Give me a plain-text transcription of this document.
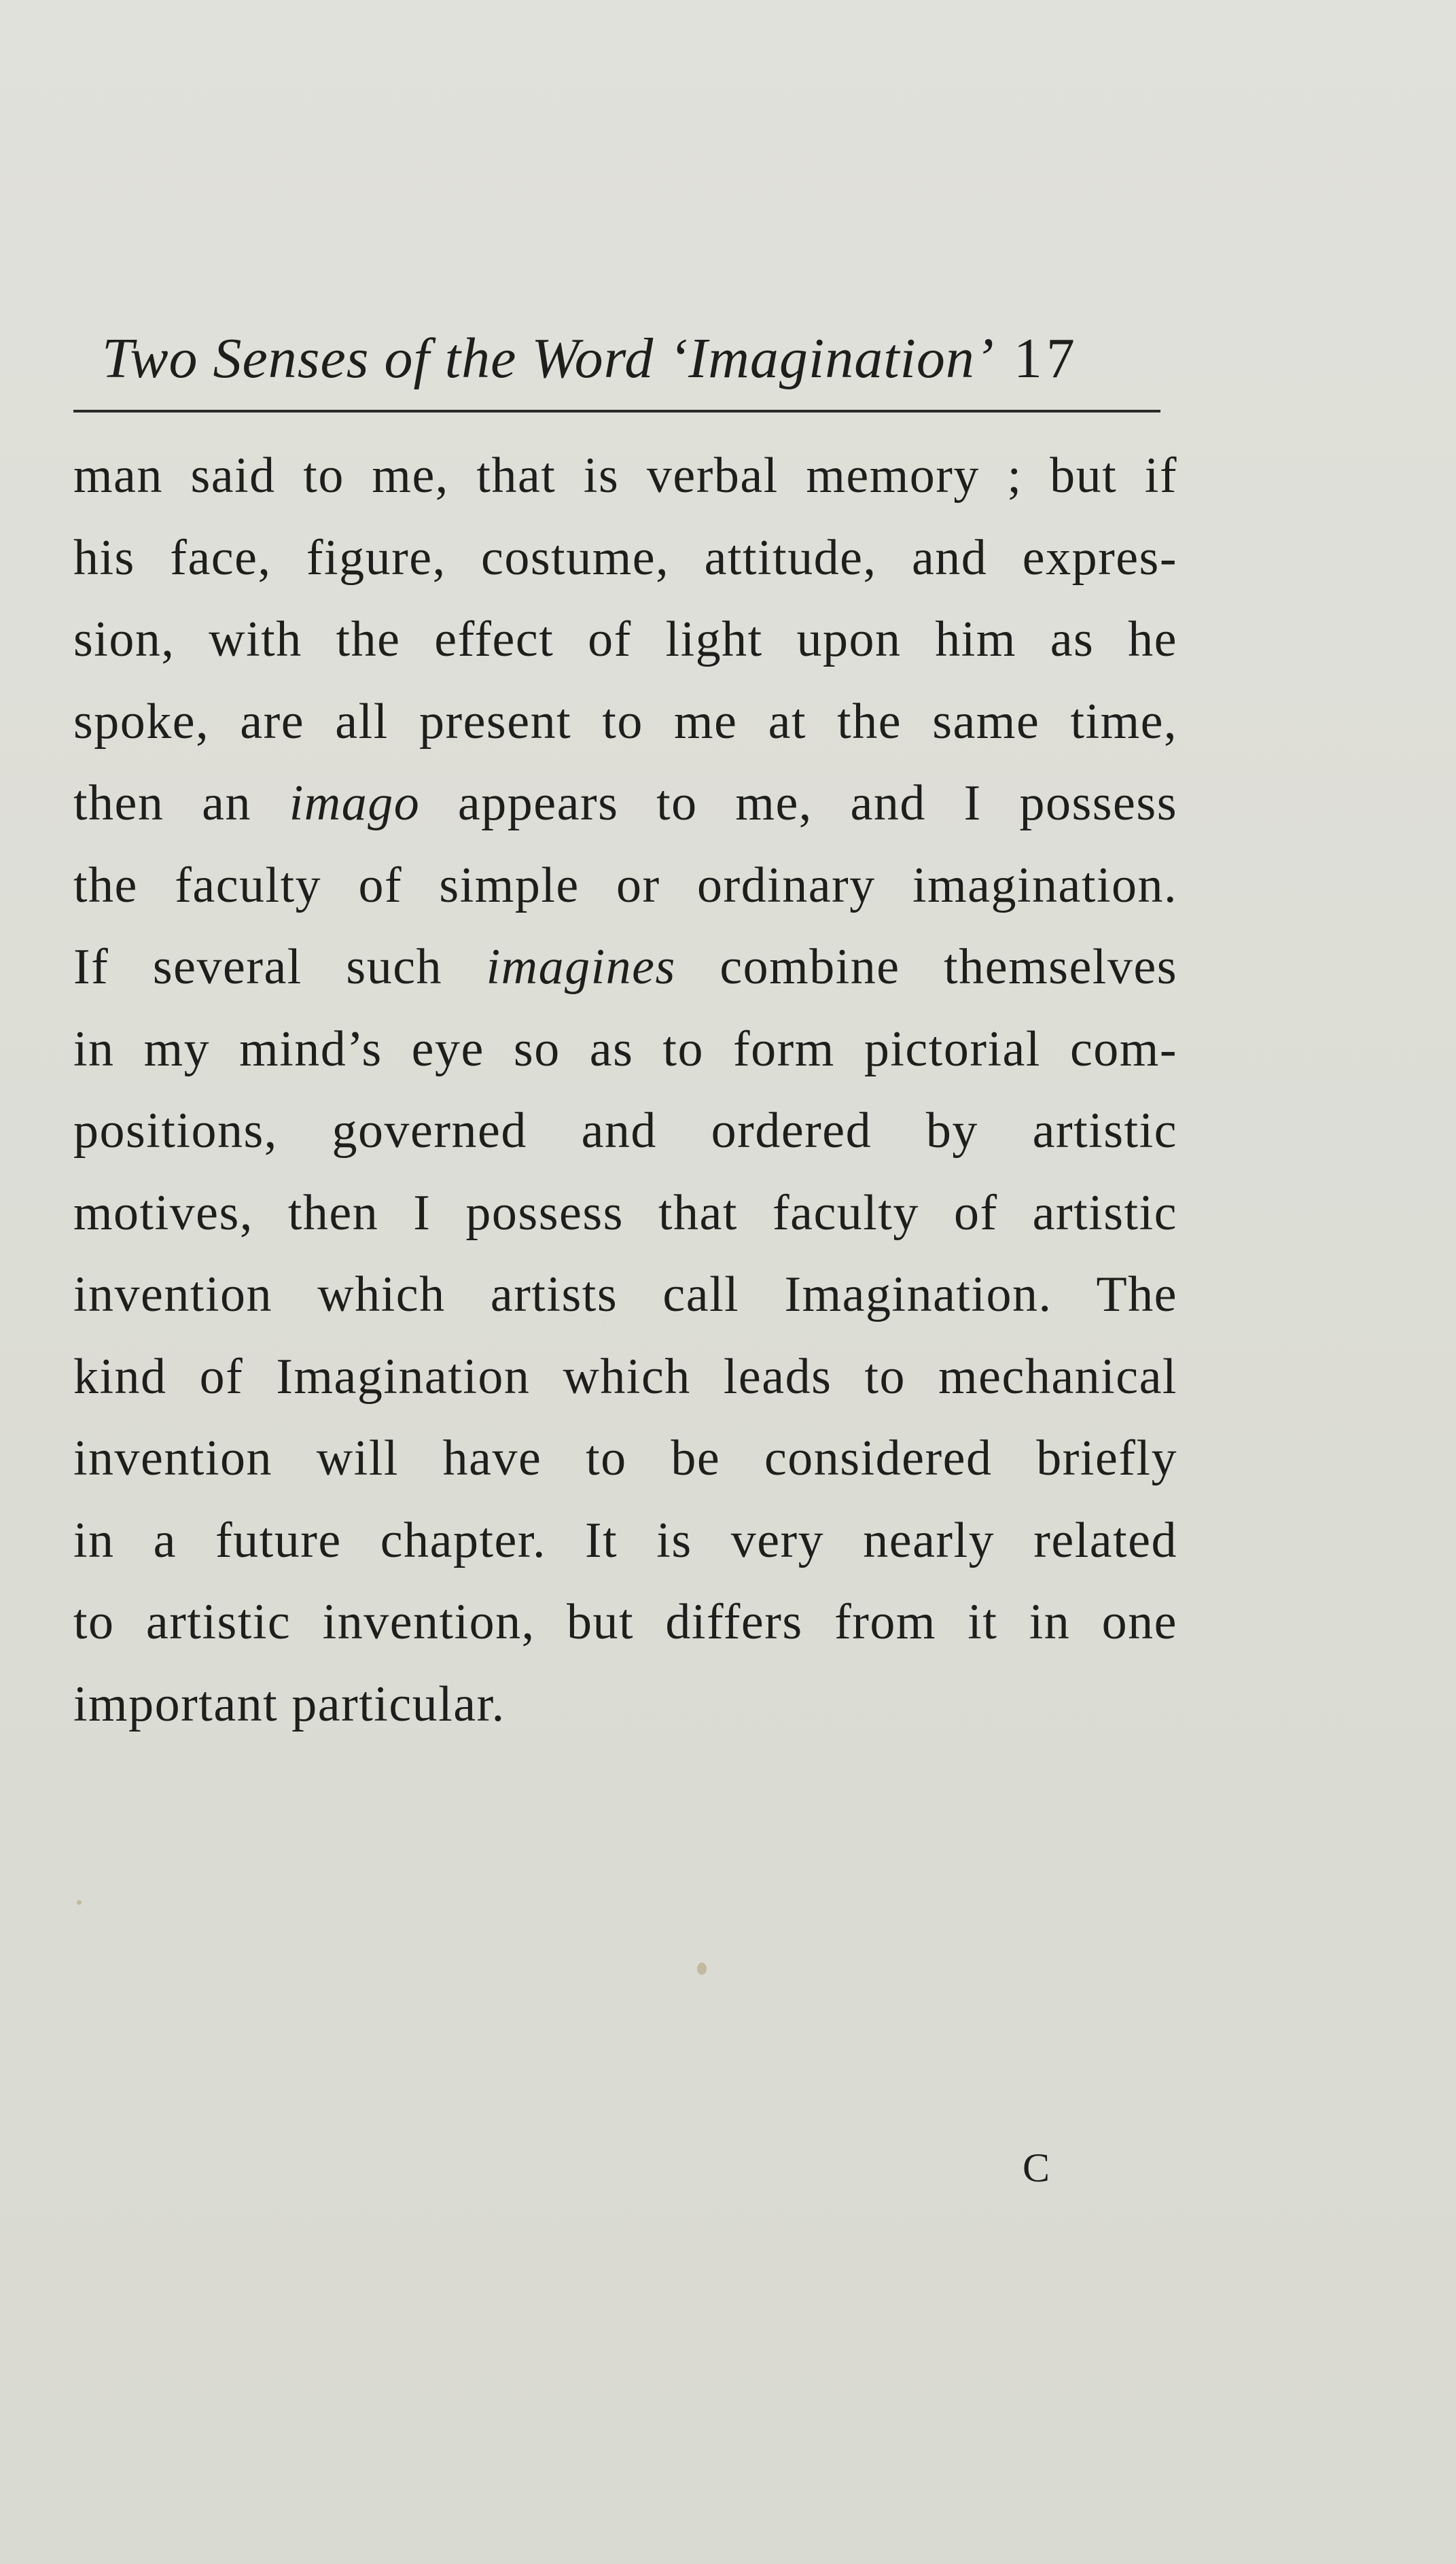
Two Senses of the Word ‘Imagination’ 17
man said to me, that is verbal memory ; but if
his face, figure, costume, attitude, and expres-
sion, with the effect of light upon him as he
spoke, are all present to me at the same time,
then an imago appears to me, and I possess
the faculty of simple or ordinary imagination.
If several such imagines combine themselves
in my mind’s eye so as to form pictorial com-
positions, governed and ordered by artistic
motives, then I possess that faculty of artistic
invention which artists call Imagination. The
kind of Imagination which leads to mechanical
invention will have to be considered briefly
in a future chapter. It is very nearly related
to artistic invention, but differs from it in one
important particular.
C
